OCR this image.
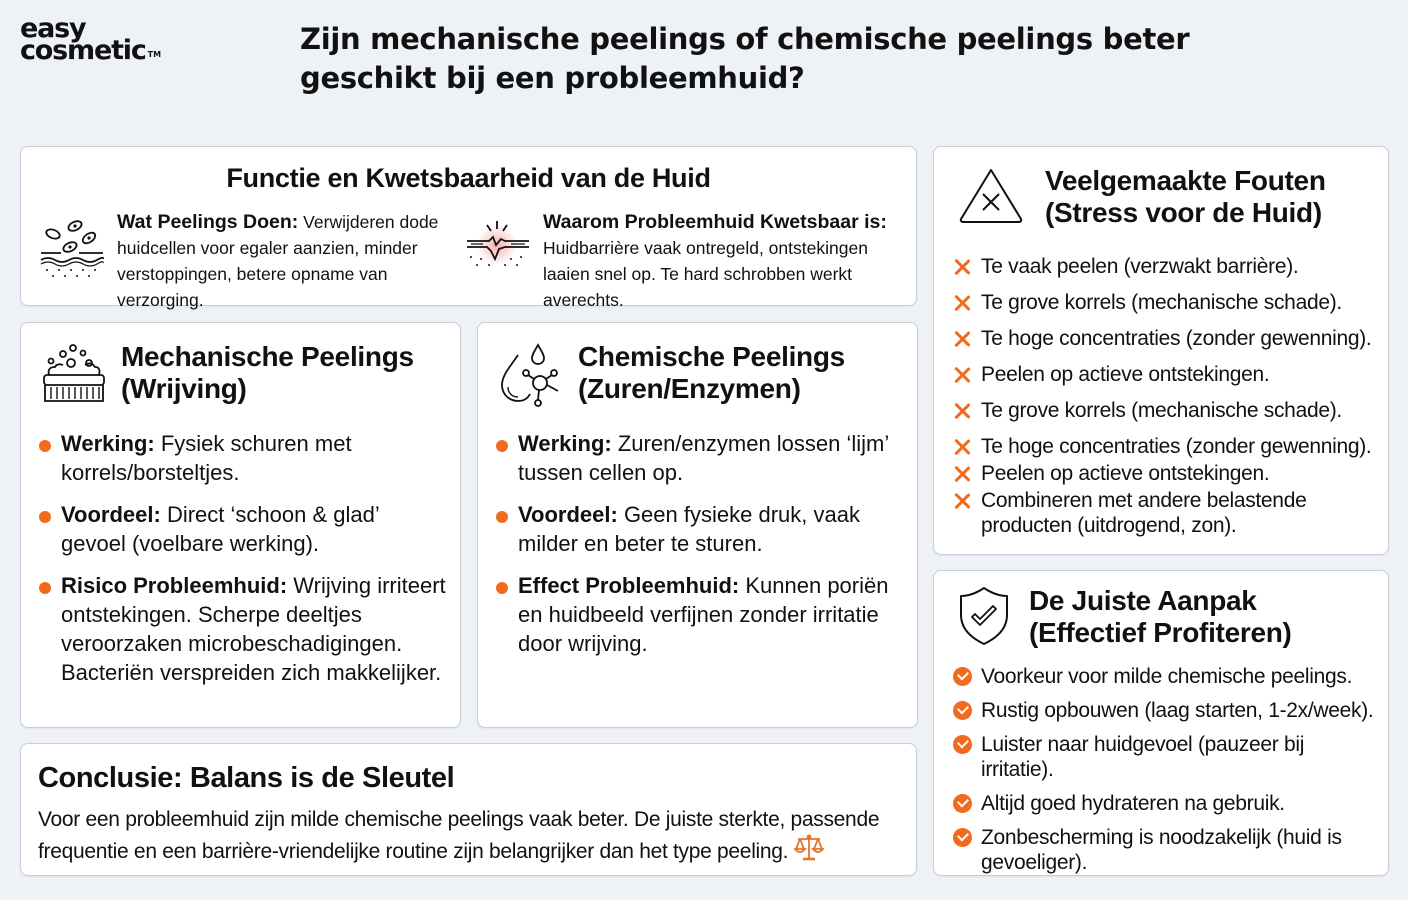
easy
cosmetic ™	Zijn mechanische peelings of chemische peelings beter geschikt bij een probleemhuid?
Functie en Kwetsbaarheid van de Huid
Wat Peelings Doen: Verwijderen dode huidcellen voor egaler aanzien, minder verstoppingen, betere opname van verzorging.
Waarom Probleemhuid Kwetsbaar is: Huidbarrière vaak ontregeld, ontstekingen laaien snel op. Te hard schrobben werkt averechts.
Mechanische Peelings
(Wrijving)
Werking: Fysiek schuren met korrels/borsteltjes.
Voordeel: Direct ‘schoon & glad’ gevoel (voelbare werking).
Risico Probleemhuid: Wrijving irriteert ontstekingen. Scherpe deeltjes veroorzaken microbeschadigingen. Bacteriën verspreiden zich makkelijker.
Chemische Peelings
(Zuren/Enzymen)
Werking: Zuren/enzymen lossen ‘lijm’ tussen cellen op.
Voordeel: Geen fysieke druk, vaak milder en beter te sturen.
Effect Probleemhuid: Kunnen poriën en huidbeeld verfijnen zonder irritatie door wrijving.
Conclusie: Balans is de Sleutel

Voor een probleemhuid zijn milde chemische peelings vaak beter. De juiste sterkte, passende frequentie en een barrière-vriendelijke routine zijn belangrijker dan het type peeling.

Veelgemaakte Fouten
(Stress voor de Huid)
Te vaak peelen (verzwakt barrière).
Te grove korrels (mechanische schade).
Te hoge concentraties (zonder gewenning).
Peelen op actieve ontstekingen.
Te grove korrels (mechanische schade).
Te hoge concentraties (zonder gewenning).
Peelen op actieve ontstekingen.
Combineren met andere belastende producten (uitdrogend, zon).
De Juiste Aanpak
(Effectief Profiteren)
Voorkeur voor milde chemische peelings.
Rustig opbouwen (laag starten, 1-2x/week).
Luister naar huidgevoel (pauzeer bij irritatie).
Altijd goed hydrateren na gebruik.
Zonbescherming is noodzakelijk (huid is gevoeliger).
